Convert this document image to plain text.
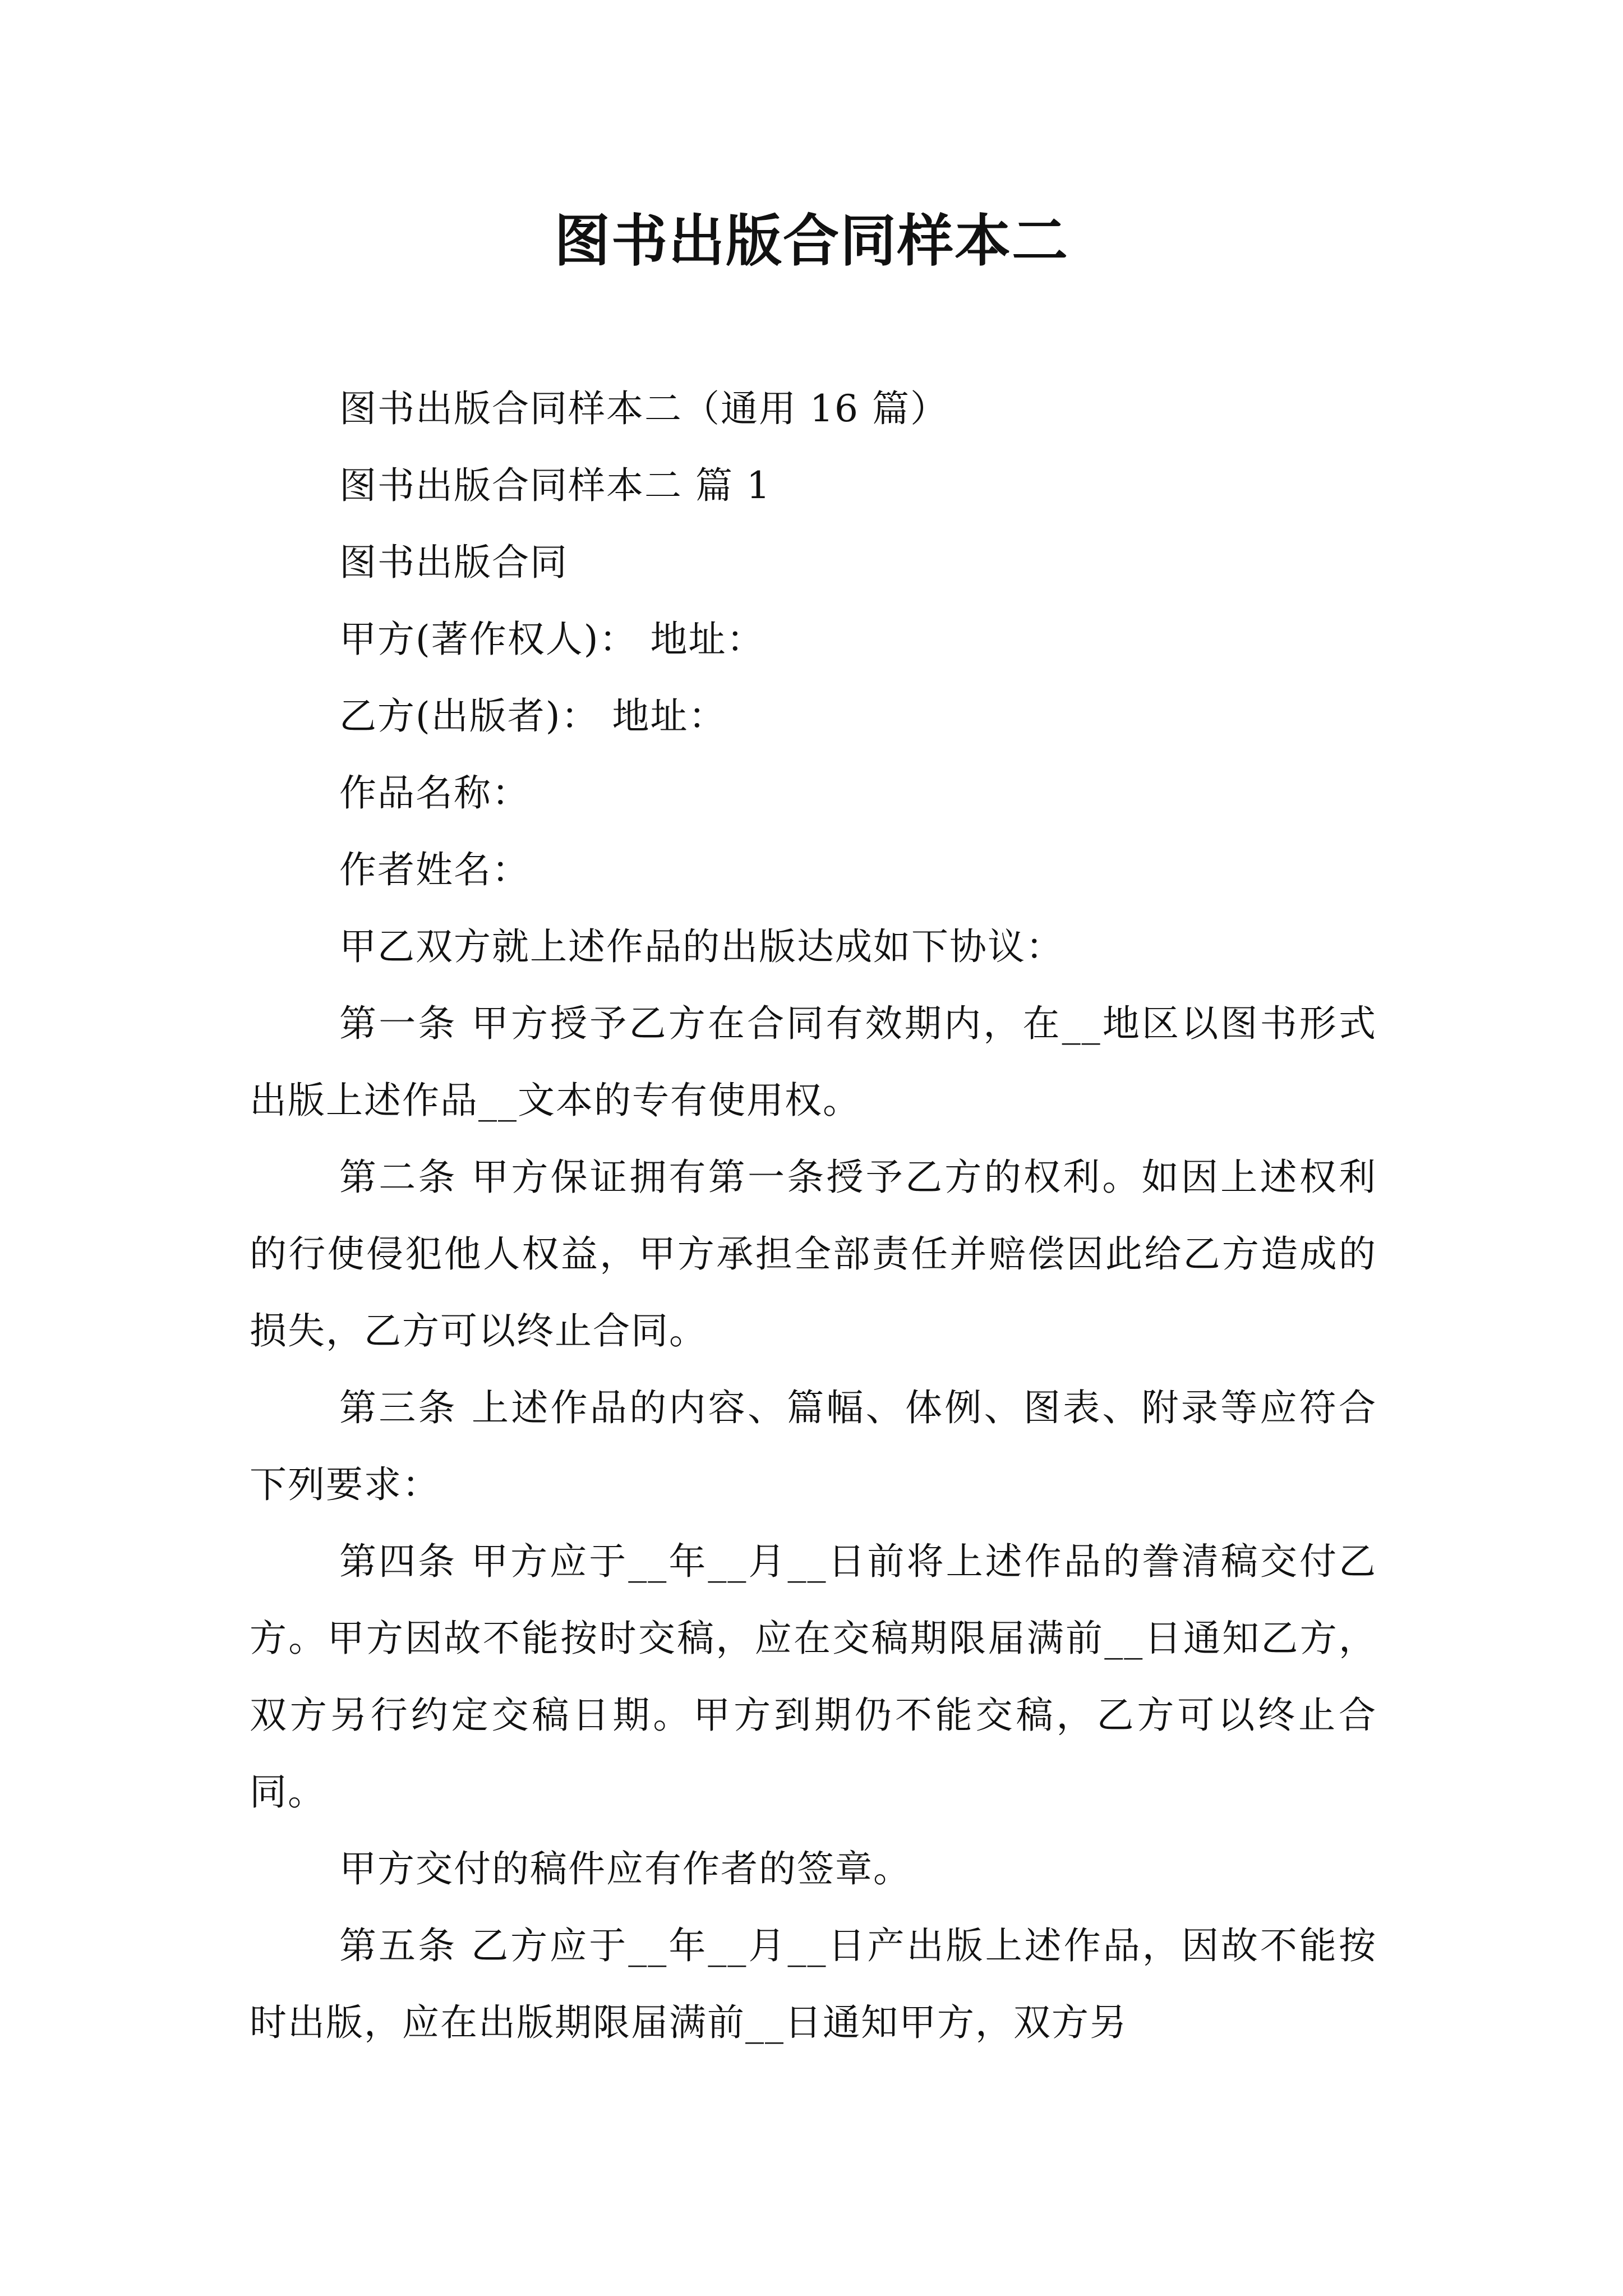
图书出版合同样本二

图书出版合同样本二（通用 16 篇）

图书出版合同样本二 篇 1

图书出版合同

甲方(著作权人)： 地址：

乙方(出版者)： 地址：

作品名称：

作者姓名：

甲乙双方就上述作品的出版达成如下协议：

第一条 甲方授予乙方在合同有效期内，在__地区以图书形式出版上述作品__文本的专有使用权。

第二条 甲方保证拥有第一条授予乙方的权利。如因上述权利的行使侵犯他人权益，甲方承担全部责任并赔偿因此给乙方造成的损失，乙方可以终止合同。

第三条 上述作品的内容、篇幅、体例、图表、附录等应符合下列要求：

第四条 甲方应于__年__月__日前将上述作品的誊清稿交付乙方。甲方因故不能按时交稿，应在交稿期限届满前__日通知乙方，双方另行约定交稿日期。甲方到期仍不能交稿，乙方可以终止合同。

甲方交付的稿件应有作者的签章。

第五条 乙方应于__年__月__日产出版上述作品，因故不能按时出版，应在出版期限届满前__日通知甲方，双方另
